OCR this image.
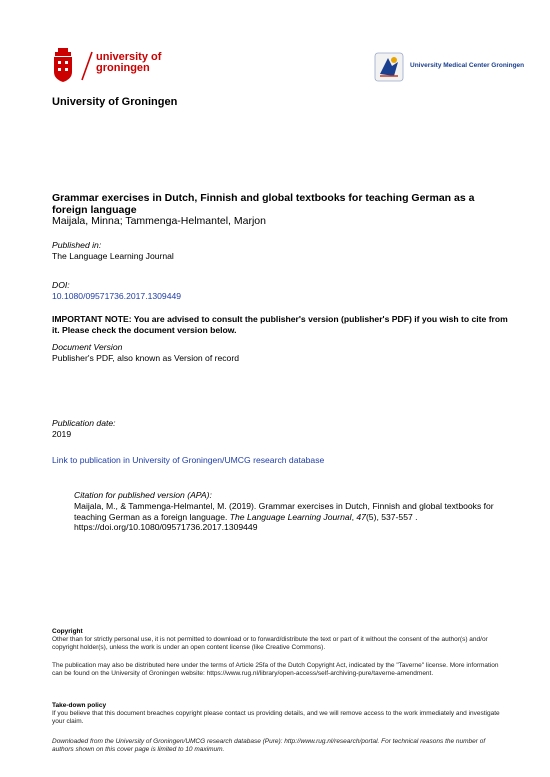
university of
groningen	University Medical Center Groningen
University of Groningen
Grammar exercises in Dutch, Finnish and global textbooks for teaching German as a foreign language
Maijala, Minna; Tammenga-Helmantel, Marjon
Published in:
The Language Learning Journal
DOI:
10.1080/09571736.2017.1309449
IMPORTANT NOTE: You are advised to consult the publisher's version (publisher's PDF) if you wish to cite from it. Please check the document version below.
Document Version
Publisher's PDF, also known as Version of record
Publication date:
2019
Link to publication in University of Groningen/UMCG research database
Citation for published version (APA):
Maijala, M., & Tammenga-Helmantel, M. (2019). Grammar exercises in Dutch, Finnish and global textbooks for teaching German as a foreign language. The Language Learning Journal, 47(5), 537-557 . https://doi.org/10.1080/09571736.2017.1309449
Copyright
Other than for strictly personal use, it is not permitted to download or to forward/distribute the text or part of it without the consent of the author(s) and/or copyright holder(s), unless the work is under an open content license (like Creative Commons).
The publication may also be distributed here under the terms of Article 25fa of the Dutch Copyright Act, indicated by the "Taverne" license. More information can be found on the University of Groningen website: https://www.rug.nl/library/open-access/self-archiving-pure/taverne-amendment.
Take-down policy
If you believe that this document breaches copyright please contact us providing details, and we will remove access to the work immediately and investigate your claim.
Downloaded from the University of Groningen/UMCG research database (Pure): http://www.rug.nl/research/portal. For technical reasons the number of authors shown on this cover page is limited to 10 maximum.
